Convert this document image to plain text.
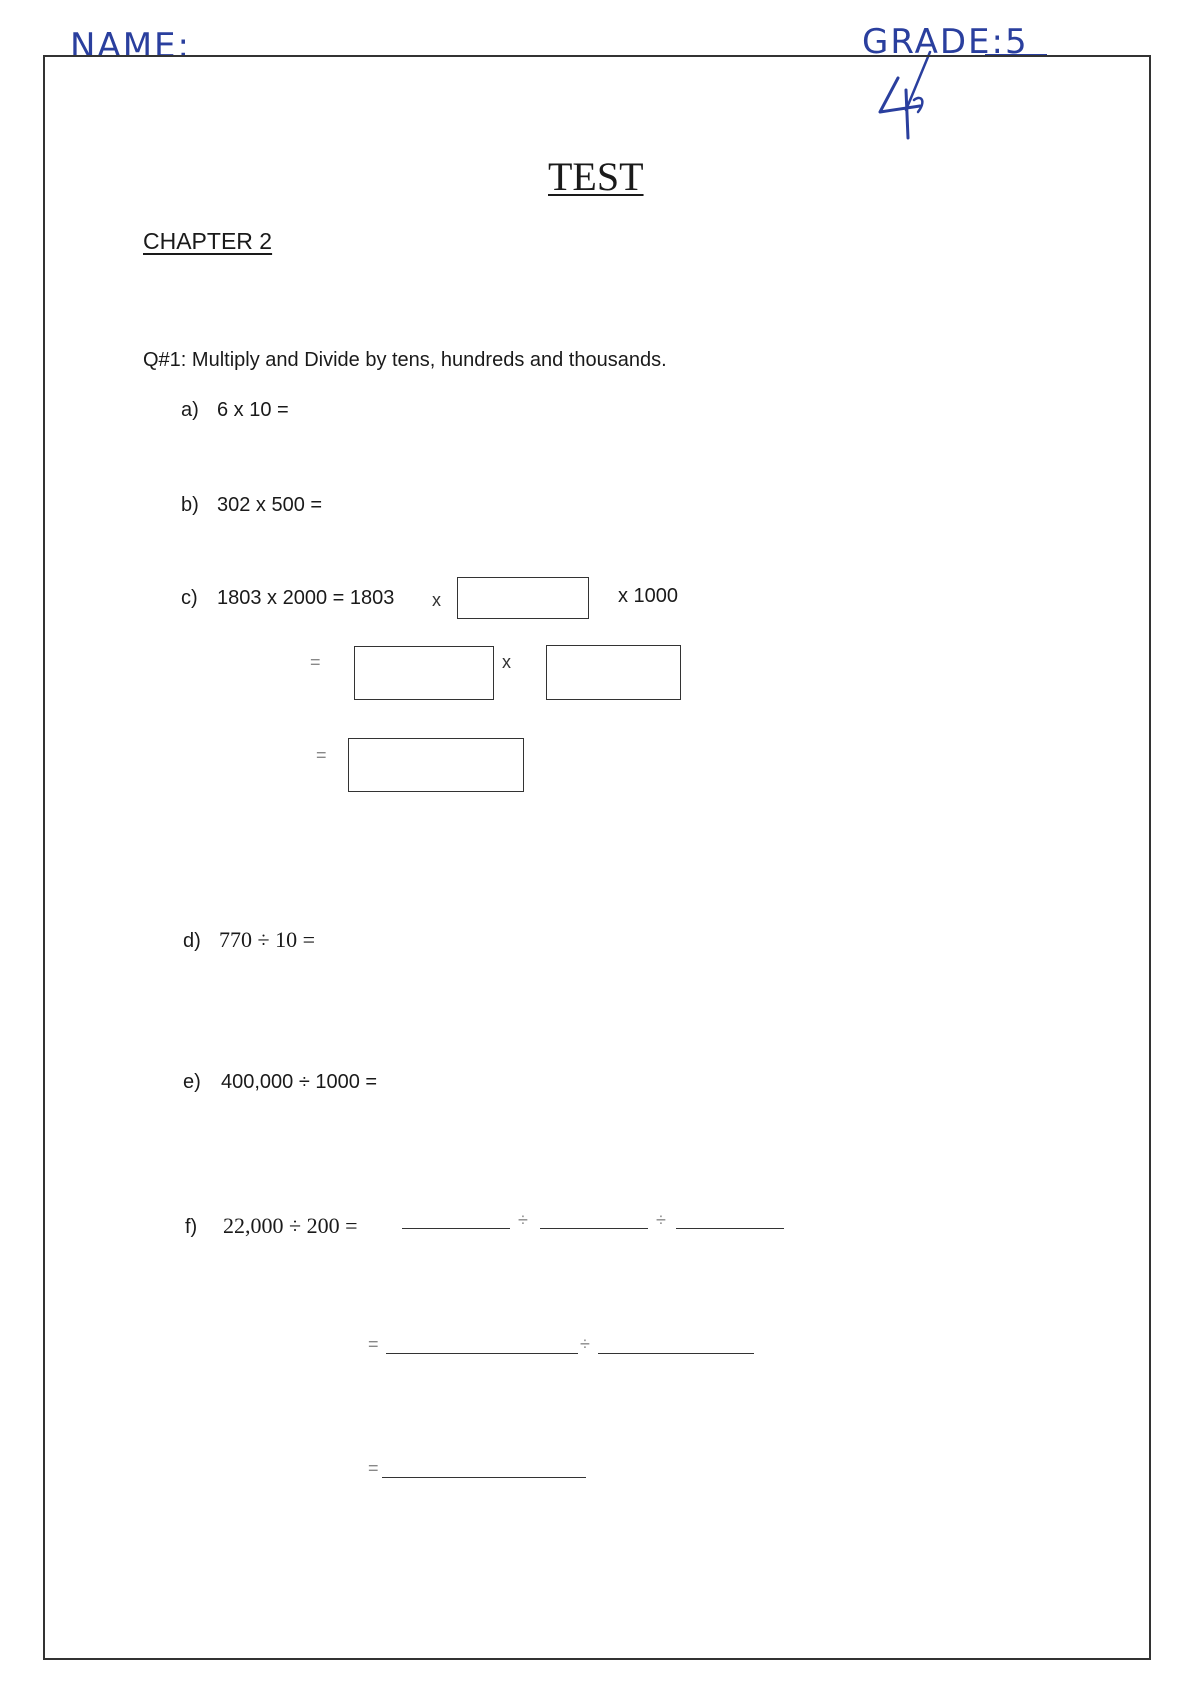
NAME:	GRADE:5
TEST
CHAPTER 2
Q#1: Multiply and Divide by tens, hundreds and thousands.
a) 6 x 10 =
b) 302 x 500 =
c) 1803 x 2000 = 1803 x	x 1000
=	x
=
d) 770 ÷ 10 =
e) 400,000 ÷ 1000 =
f) 22,000 ÷ 200 =	÷	÷
=	÷
=
